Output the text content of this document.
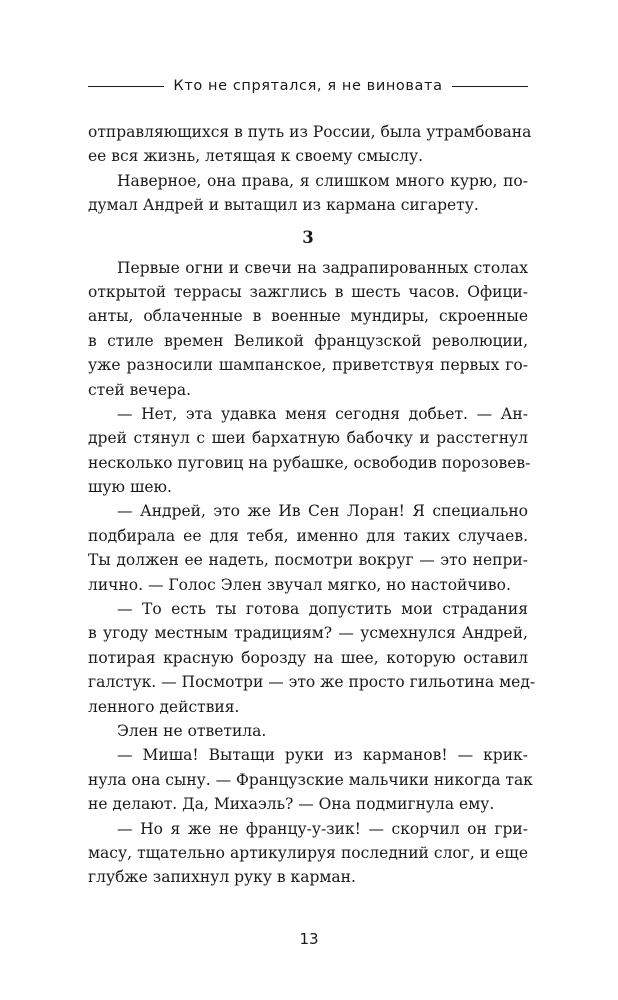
Кто не спрятался, я не виновата
отправляющихся в путь из России, была утрамбована
ее вся жизнь, летящая к своему смыслу.
Наверное, она права, я слишком много курю, по-
думал Андрей и вытащил из кармана сигарету.
3
Первые огни и свечи на задрапированных столах
открытой террасы зажглись в шесть часов. Офици-
анты, облаченные в военные мундиры, скроенные
в стиле времен Великой французской революции,
уже разносили шампанское, приветствуя первых го-
стей вечера.
— Нет, эта удавка меня сегодня добьет. — Ан-
дрей стянул с шеи бархатную бабочку и расстегнул
несколько пуговиц на рубашке, освободив порозовев-
шую шею.
— Андрей, это же Ив Сен Лоран! Я специально
подбирала ее для тебя, именно для таких случаев.
Ты должен ее надеть, посмотри вокруг — это непри-
лично. — Голос Элен звучал мягко, но настойчиво.
— То есть ты готова допустить мои страдания
в угоду местным традициям? — усмехнулся Андрей,
потирая красную борозду на шее, которую оставил
галстук. — Посмотри — это же просто гильотина мед-
ленного действия.
Элен не ответила.
— Миша! Вытащи руки из карманов! — крик-
нула она сыну. — Французские мальчики никогда так
не делают. Да, Михаэль? — Она подмигнула ему.
— Но я же не францу-у-зик! — скорчил он гри-
масу, тщательно артикулируя последний слог, и еще
глубже запихнул руку в карман.
13
